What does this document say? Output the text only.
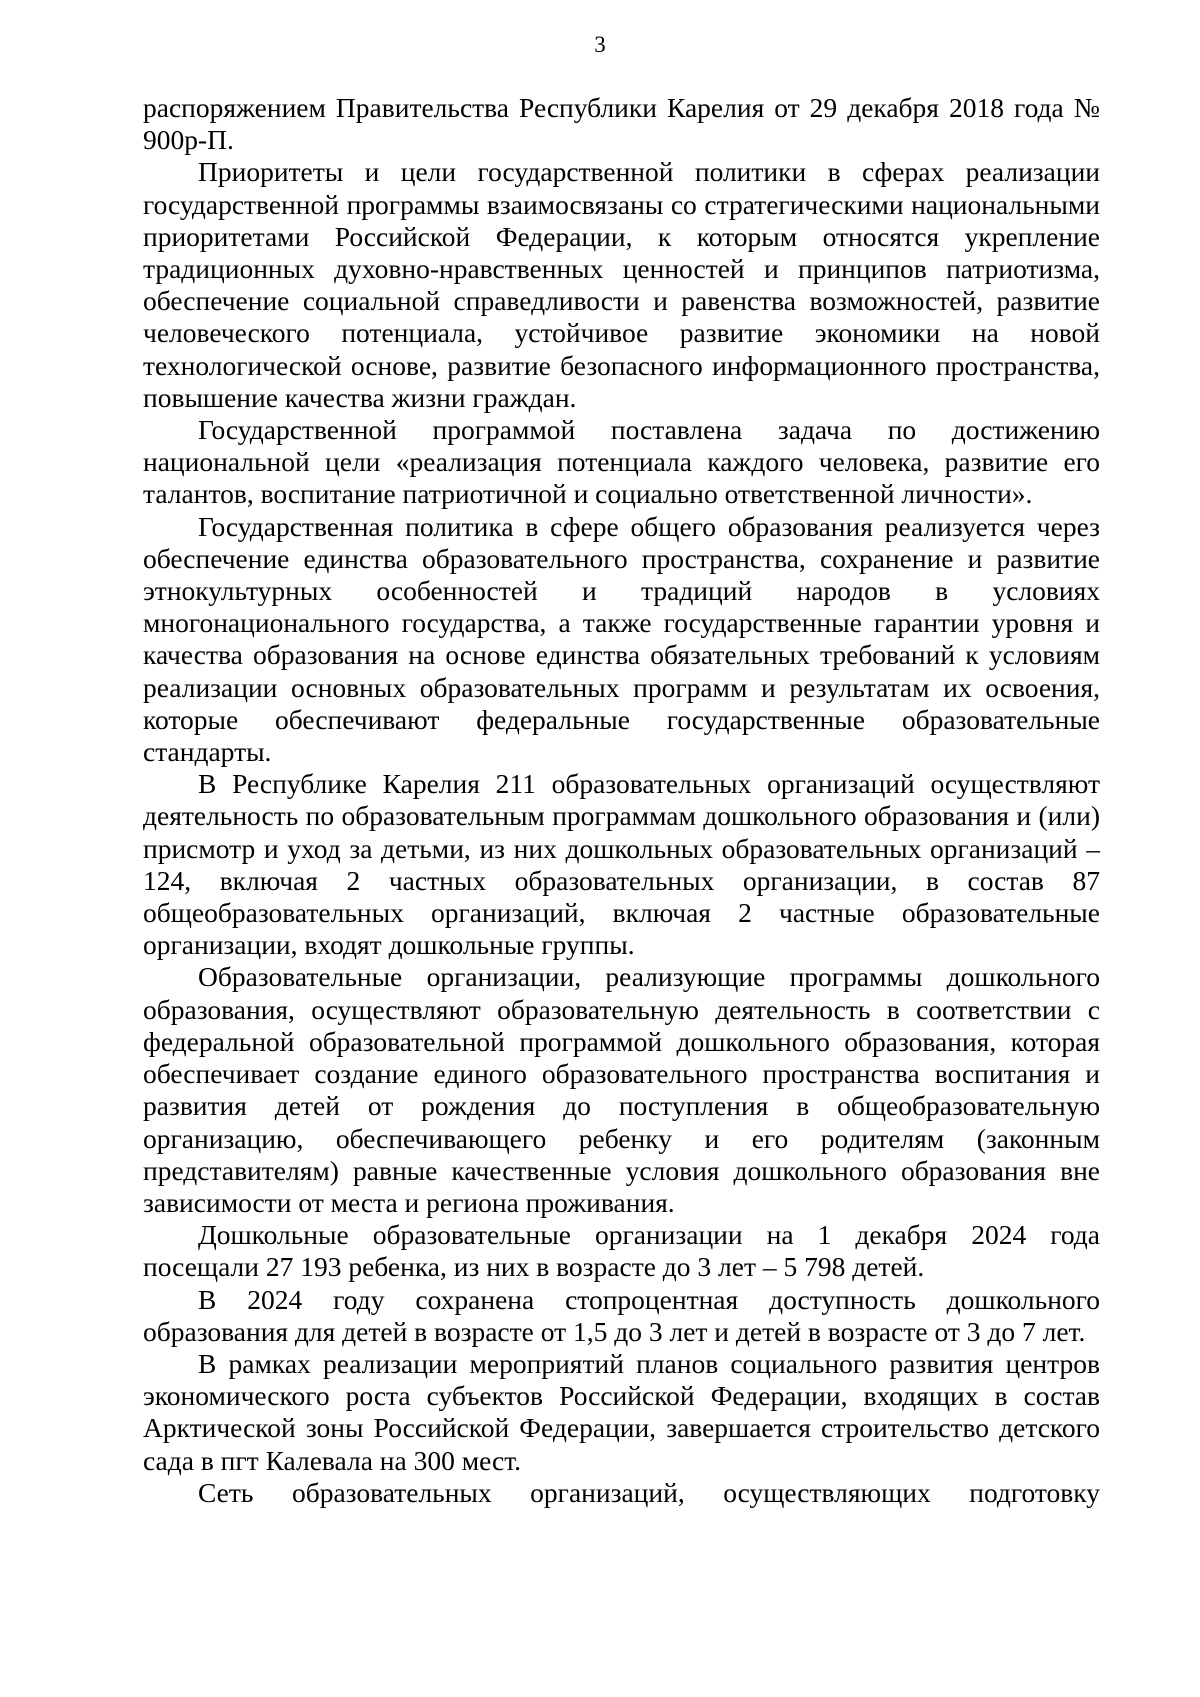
3

распоряжением Правительства Республики Карелия от 29 декабря 2018 года № 900р-П.

Приоритеты и цели государственной политики в сферах реализации государственной программы взаимосвязаны со стратегическими национальными приоритетами Российской Федерации, к которым относятся укрепление традиционных духовно-нравственных ценностей и принципов патриотизма, обеспечение социальной справедливости и равенства возможностей, развитие человеческого потенциала, устойчивое развитие экономики на новой технологической основе, развитие безопасного информационного пространства, повышение качества жизни граждан.

Государственной программой поставлена задача по достижению национальной цели «реализация потенциала каждого человека, развитие его талантов, воспитание патриотичной и социально ответственной личности».

Государственная политика в сфере общего образования реализуется через обеспечение единства образовательного пространства, сохранение и развитие этнокультурных особенностей и традиций народов в условиях многонационального государства, а также государственные гарантии уровня и качества образования на основе единства обязательных требований к условиям реализации основных образовательных программ и результатам их освоения, которые обеспечивают федеральные государственные образовательные стандарты.

В Республике Карелия 211 образовательных организаций осуществляют деятельность по образовательным программам дошкольного образования и (или) присмотр и уход за детьми, из них дошкольных образовательных организаций – 124, включая 2 частных образовательных организации, в состав 87 общеобразовательных организаций, включая 2 частные образовательные организации, входят дошкольные группы.

Образовательные организации, реализующие программы дошкольного образования, осуществляют образовательную деятельность в соответствии с федеральной образовательной программой дошкольного образования, которая обеспечивает создание единого образовательного пространства воспитания и развития детей от рождения до поступления в общеобразовательную организацию, обеспечивающего ребенку и его родителям (законным представителям) равные качественные условия дошкольного образования вне зависимости от места и региона проживания.

Дошкольные образовательные организации на 1 декабря 2024 года посещали 27 193 ребенка, из них в возрасте до 3 лет – 5 798 детей.

В 2024 году сохранена стопроцентная доступность дошкольного образования для детей в возрасте от 1,5 до 3 лет и детей в возрасте от 3 до 7 лет.

В рамках реализации мероприятий планов социального развития центров экономического роста субъектов Российской Федерации, входящих в состав Арктической зоны Российской Федерации, завершается строительство детского сада в пгт Калевала на 300 мест.

Сеть образовательных организаций, осуществляющих подготовку
